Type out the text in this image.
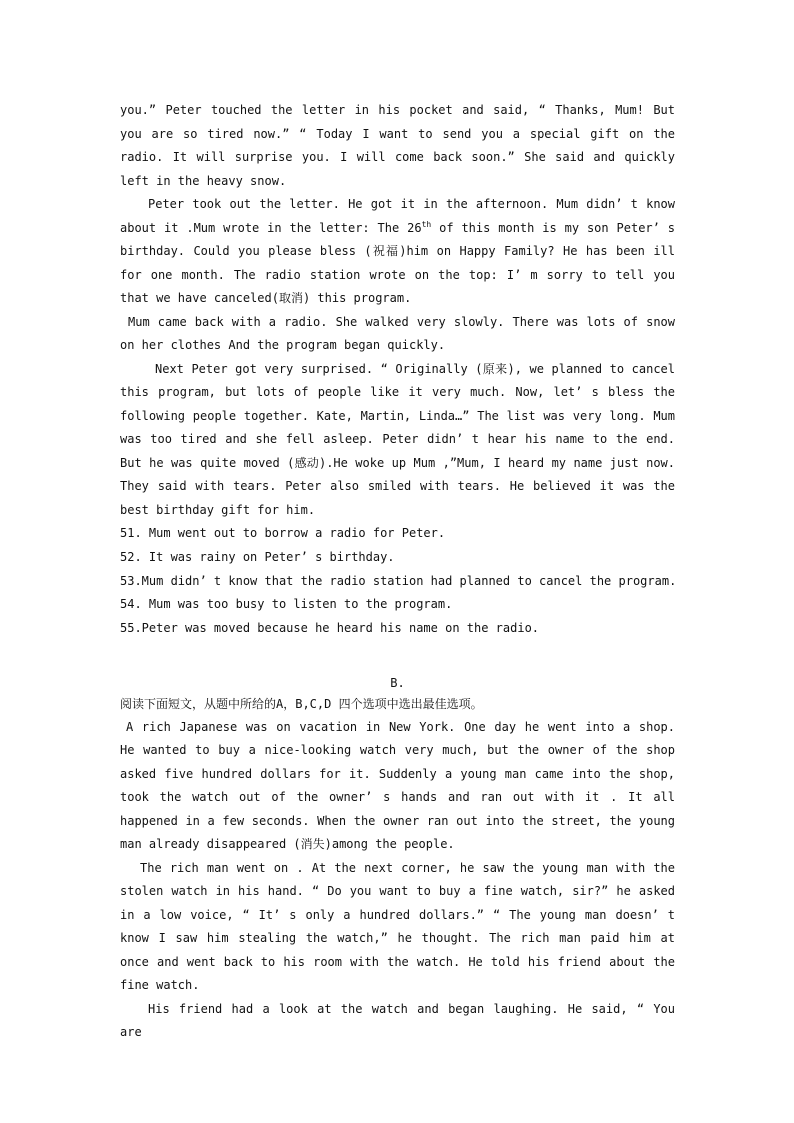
you.” Peter touched the letter in his pocket and said, “ Thanks, Mum! But you are so tired now.” “ Today I want to send you a special gift on the radio. It will surprise you. I will come back soon.” She said and quickly left in the heavy snow.

Peter took out the letter. He got it in the afternoon. Mum didn’ t know about it .Mum wrote in the letter: The 26th of this month is my son Peter’ s birthday. Could you please bless (祝福)him on Happy Family? He has been ill for one month. The radio station wrote on the top: I’ m sorry to tell you that we have canceled(取消) this program.

Mum came back with a radio. She walked very slowly. There was lots of snow on her clothes And the program began quickly.

Next Peter got very surprised. “ Originally (原来), we planned to cancel this program, but lots of people like it very much. Now, let’ s bless the following people together. Kate, Martin, Linda…” The list was very long. Mum was too tired and she fell asleep. Peter didn’ t hear his name to the end. But he was quite moved (感动).He woke up Mum ,”Mum, I heard my name just now. They said with tears. Peter also smiled with tears. He believed it was the best birthday gift for him.

51. Mum went out to borrow a radio for Peter.

52. It was rainy on Peter’ s birthday.

53.Mum didn’ t know that the radio station had planned to cancel the program.

54. Mum was too busy to listen to the program.

55.Peter was moved because he heard his name on the radio.

B.

阅读下面短文，从题中所给的A，B,C,D 四个选项中选出最佳选项。

A rich Japanese was on vacation in New York. One day he went into a shop. He wanted to buy a nice-looking watch very much, but the owner of the shop asked five hundred dollars for it. Suddenly a young man came into the shop, took the watch out of the owner’ s hands and ran out with it . It all happened in a few seconds. When the owner ran out into the street, the young man already disappeared (消失)among the people.

The rich man went on . At the next corner, he saw the young man with the stolen watch in his hand. “ Do you want to buy a fine watch, sir?” he asked in a low voice, “ It’ s only a hundred dollars.” “ The young man doesn’ t know I saw him stealing the watch,” he thought. The rich man paid him at once and went back to his room with the watch. He told his friend about the fine watch.

His friend had a look at the watch and began laughing. He said, “ You are
